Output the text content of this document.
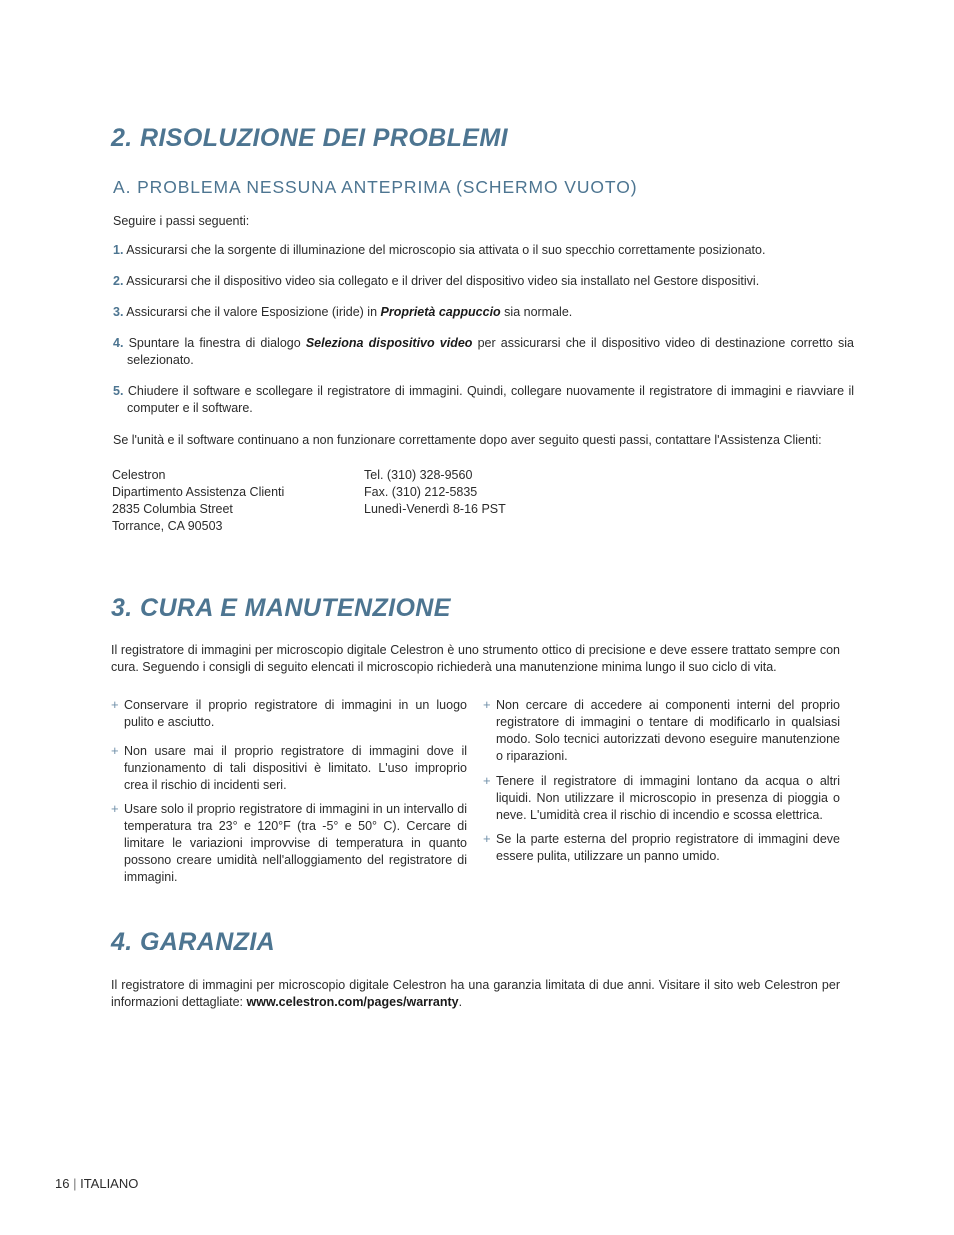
2. RISOLUZIONE DEI PROBLEMI
A. PROBLEMA NESSUNA ANTEPRIMA (SCHERMO VUOTO)
Seguire i passi seguenti:
1. Assicurarsi che la sorgente di illuminazione del microscopio sia attivata o il suo specchio correttamente posizionato.
2. Assicurarsi che il dispositivo video sia collegato e il driver del dispositivo video sia installato nel Gestore dispositivi.
3. Assicurarsi che il valore Esposizione (iride) in Proprietà cappuccio sia normale.
4. Spuntare la finestra di dialogo Seleziona dispositivo video per assicurarsi che il dispositivo video di destinazione corretto sia selezionato.
5. Chiudere il software e scollegare il registratore di immagini. Quindi, collegare nuovamente il registratore di immagini e riavviare il computer e il software.
Se l'unità e il software continuano a non funzionare correttamente dopo aver seguito questi passi, contattare l'Assistenza Clienti:
Celestron
Dipartimento Assistenza Clienti
2835 Columbia Street
Torrance, CA 90503
Tel. (310) 328-9560
Fax. (310) 212-5835
Lunedì-Venerdì 8-16 PST
3. CURA E MANUTENZIONE
Il registratore di immagini per microscopio digitale Celestron è uno strumento ottico di precisione e deve essere trattato sempre con cura. Seguendo i consigli di seguito elencati il microscopio richiederà una manutenzione minima lungo il suo ciclo di vita.
+ Conservare il proprio registratore di immagini in un luogo pulito e asciutto.
+ Non usare mai il proprio registratore di immagini dove il funzionamento di tali dispositivi è limitato. L'uso improprio crea il rischio di incidenti seri.
+ Usare solo il proprio registratore di immagini in un intervallo di temperatura tra 23° e 120°F (tra -5° e 50° C). Cercare di limitare le variazioni improvvise di temperatura in quanto possono creare umidità nell'alloggiamento del registratore di immagini.
+ Non cercare di accedere ai componenti interni del proprio registratore di immagini o tentare di modificarlo in qualsiasi modo. Solo tecnici autorizzati devono eseguire manutenzione o riparazioni.
+ Tenere il registratore di immagini lontano da acqua o altri liquidi. Non utilizzare il microscopio in presenza di pioggia o neve. L'umidità crea il rischio di incendio e scossa elettrica.
+ Se la parte esterna del proprio registratore di immagini deve essere pulita, utilizzare un panno umido.
4. GARANZIA
Il registratore di immagini per microscopio digitale Celestron ha una garanzia limitata di due anni. Visitare il sito web Celestron per informazioni dettagliate: www.celestron.com/pages/warranty.
16 | ITALIANO
